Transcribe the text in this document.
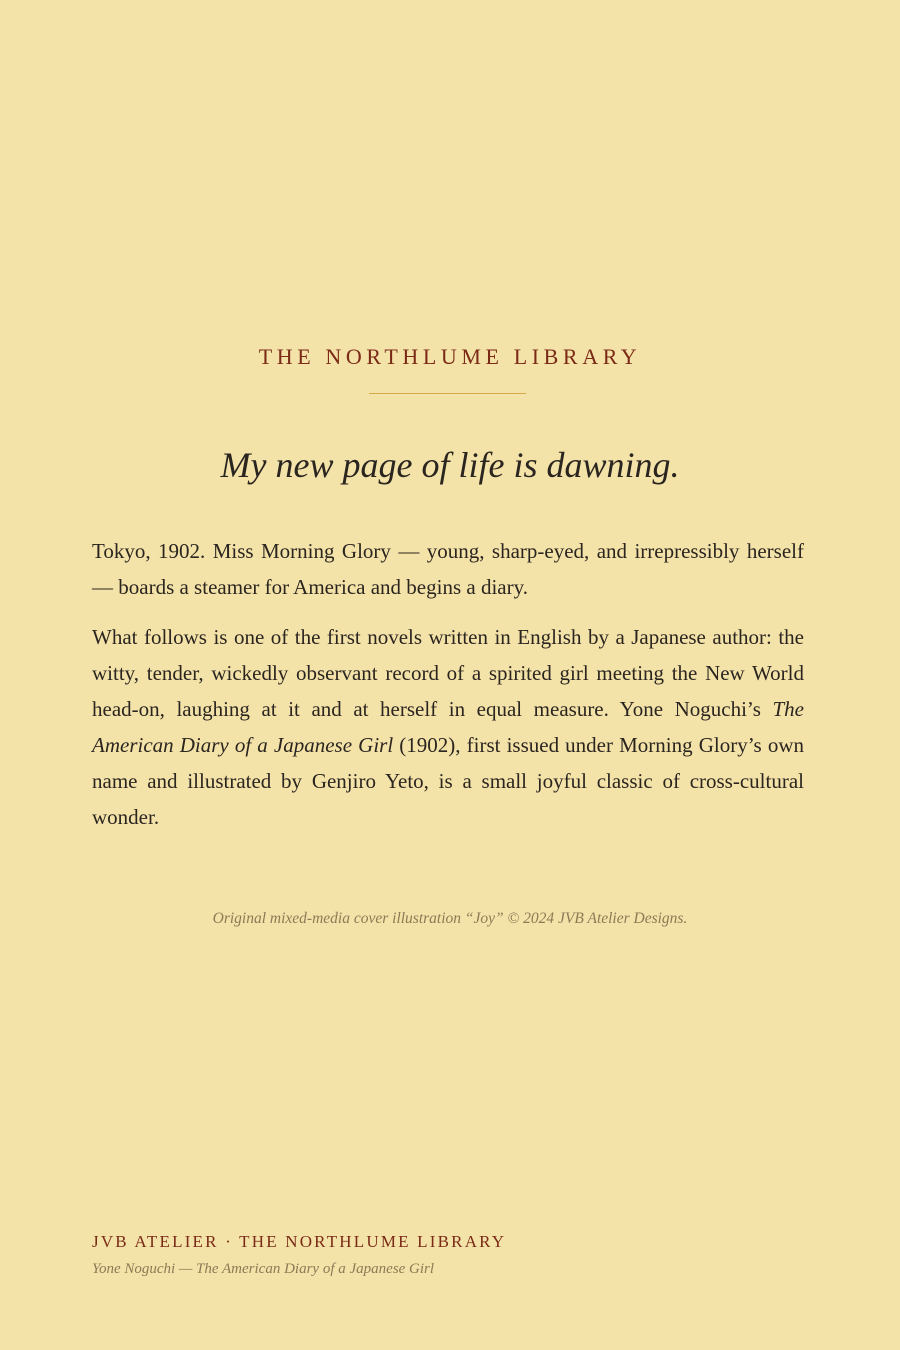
THE NORTHLUME LIBRARY
My new page of life is dawning.

Tokyo, 1902. Miss Morning Glory — young, sharp-eyed, and irrepressibly herself — boards a steamer for America and begins a diary.

What follows is one of the first novels written in English by a Japanese author: the witty, tender, wickedly observant record of a spirited girl meeting the New World head-on, laughing at it and at herself in equal measure. Yone Noguchi’s The American Diary of a Japanese Girl (1902), first issued under Morning Glory’s own name and illustrated by Genjiro Yeto, is a small joyful classic of cross-cultural wonder.

Original mixed-media cover illustration “Joy” © 2024 JVB Atelier Designs.

JVB ATELIER · THE NORTHLUME LIBRARY

Yone Noguchi — The American Diary of a Japanese Girl
